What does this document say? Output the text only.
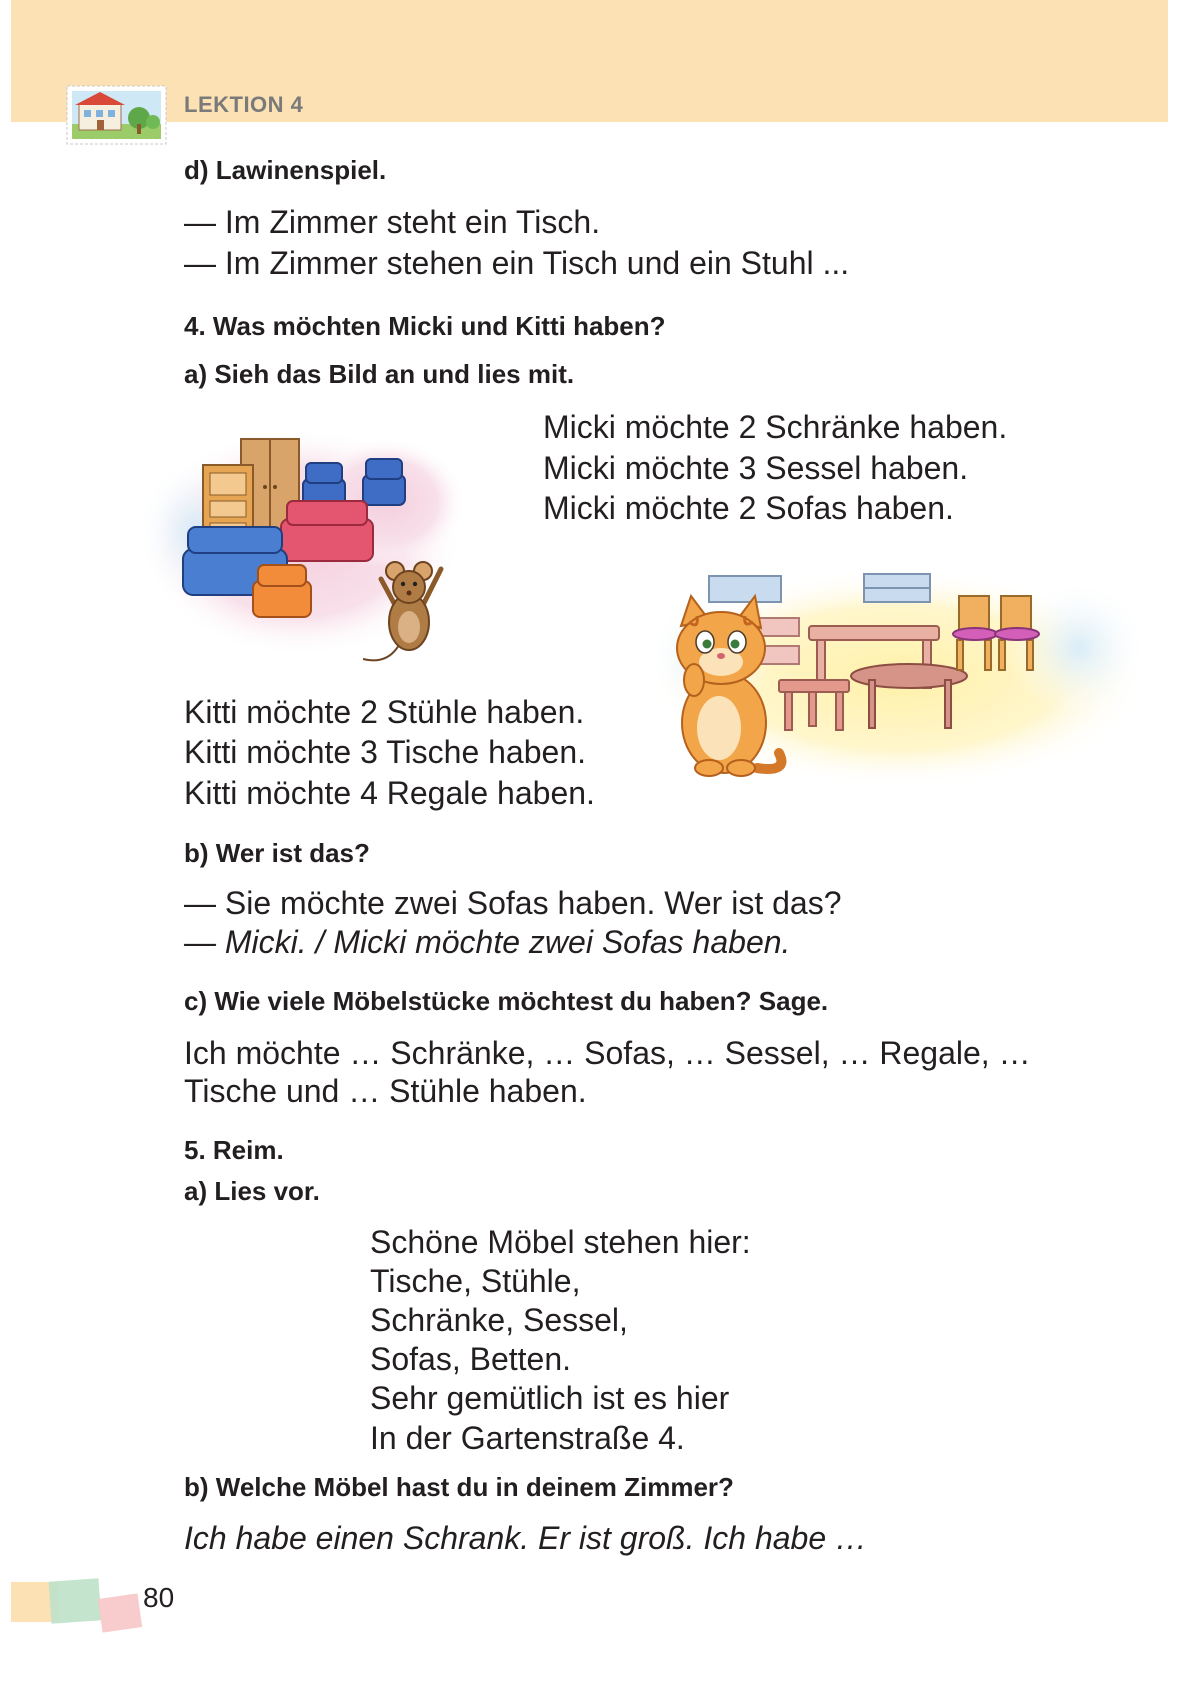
LEKTION 4
d) Lawinenspiel.
— Im Zimmer steht ein Tisch.
— Im Zimmer stehen ein Tisch und ein Stuhl ...
4. Was möchten Micki und Kitti haben?
a) Sieh das Bild an und lies mit.
Micki möchte 2 Schränke haben.
Micki möchte 3 Sessel haben.
Micki möchte 2 Sofas haben.
Kitti möchte 2 Stühle haben.
Kitti möchte 3 Tische haben.
Kitti möchte 4 Regale haben.
b) Wer ist das?
— Sie möchte zwei Sofas haben. Wer ist das?
— Micki. / Micki möchte zwei Sofas haben.
c) Wie viele Möbelstücke möchtest du haben? Sage.
Ich möchte … Schränke, … Sofas, … Sessel, … Regale, …
Tische und … Stühle haben.
5. Reim.
a) Lies vor.
Schöne Möbel stehen hier:
Tische, Stühle,
Schränke, Sessel,
Sofas, Betten.
Sehr gemütlich ist es hier
In der Gartenstraße 4.
b) Welche Möbel hast du in deinem Zimmer?
Ich habe einen Schrank. Er ist groß. Ich habe …
80
